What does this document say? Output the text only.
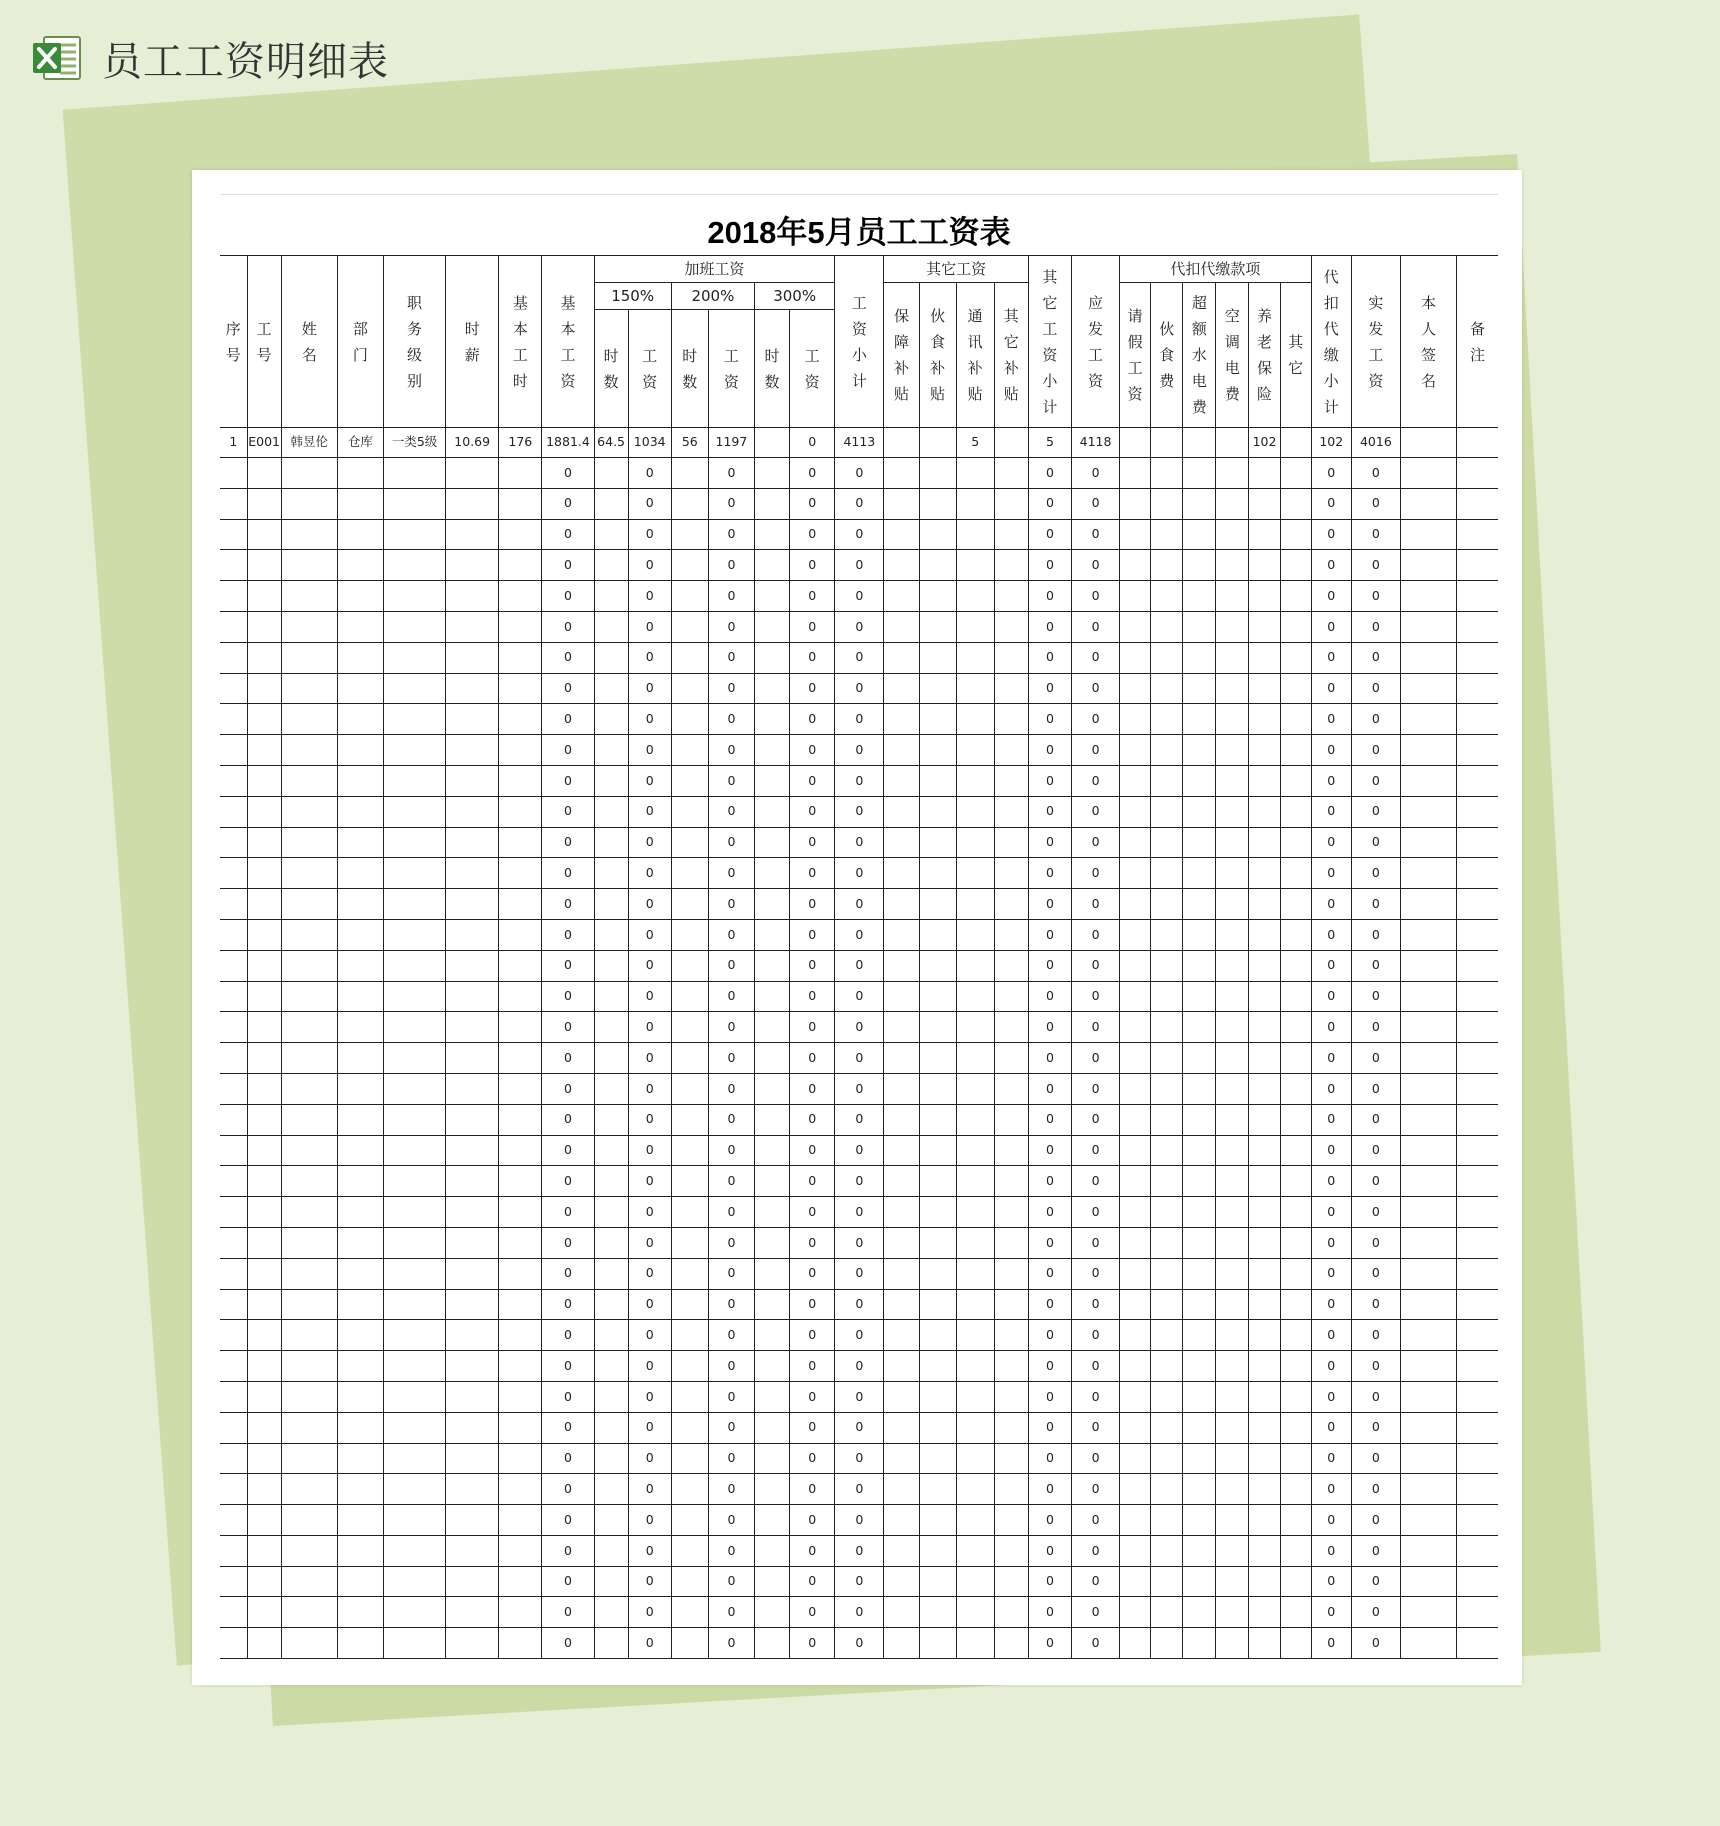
员工工资明细表
2018年5月员工工资表
序号	工号	姓名	部门	职务级别	时薪	基本工时	基本工资	加班工资						工资小计	其它工资				其它工资小计	应发工资	代扣代缴款项						代扣代缴小计	实发工资	本人签名	备注
								150%		200%		300%			保障补贴	伙食补贴	通讯补贴	其它补贴			请假工资	伙食费	超额水电费	空调电费	养老保险	其它				
								时数	工资	时数	工资	时数	工资																	
1	E001	韩昱伦	仓库	一类5级	10.69	176	1881.4	64.5	1034	56	1197		0	4113			5		5	4118					102		102	4016		
							0		0		0		0	0					0	0							0	0		
							0		0		0		0	0					0	0							0	0		
							0		0		0		0	0					0	0							0	0		
							0		0		0		0	0					0	0							0	0		
							0		0		0		0	0					0	0							0	0		
							0		0		0		0	0					0	0							0	0		
							0		0		0		0	0					0	0							0	0		
							0		0		0		0	0					0	0							0	0		
							0		0		0		0	0					0	0							0	0		
							0		0		0		0	0					0	0							0	0		
							0		0		0		0	0					0	0							0	0		
							0		0		0		0	0					0	0							0	0		
							0		0		0		0	0					0	0							0	0		
							0		0		0		0	0					0	0							0	0		
							0		0		0		0	0					0	0							0	0		
							0		0		0		0	0					0	0							0	0		
							0		0		0		0	0					0	0							0	0		
							0		0		0		0	0					0	0							0	0		
							0		0		0		0	0					0	0							0	0		
							0		0		0		0	0					0	0							0	0		
							0		0		0		0	0					0	0							0	0		
							0		0		0		0	0					0	0							0	0		
							0		0		0		0	0					0	0							0	0		
							0		0		0		0	0					0	0							0	0		
							0		0		0		0	0					0	0							0	0		
							0		0		0		0	0					0	0							0	0		
							0		0		0		0	0					0	0							0	0		
							0		0		0		0	0					0	0							0	0		
							0		0		0		0	0					0	0							0	0		
							0		0		0		0	0					0	0							0	0		
							0		0		0		0	0					0	0							0	0		
							0		0		0		0	0					0	0							0	0		
							0		0		0		0	0					0	0							0	0		
							0		0		0		0	0					0	0							0	0		
							0		0		0		0	0					0	0							0	0		
							0		0		0		0	0					0	0							0	0		
							0		0		0		0	0					0	0							0	0		
							0		0		0		0	0					0	0							0	0		
							0		0		0		0	0					0	0							0	0		
